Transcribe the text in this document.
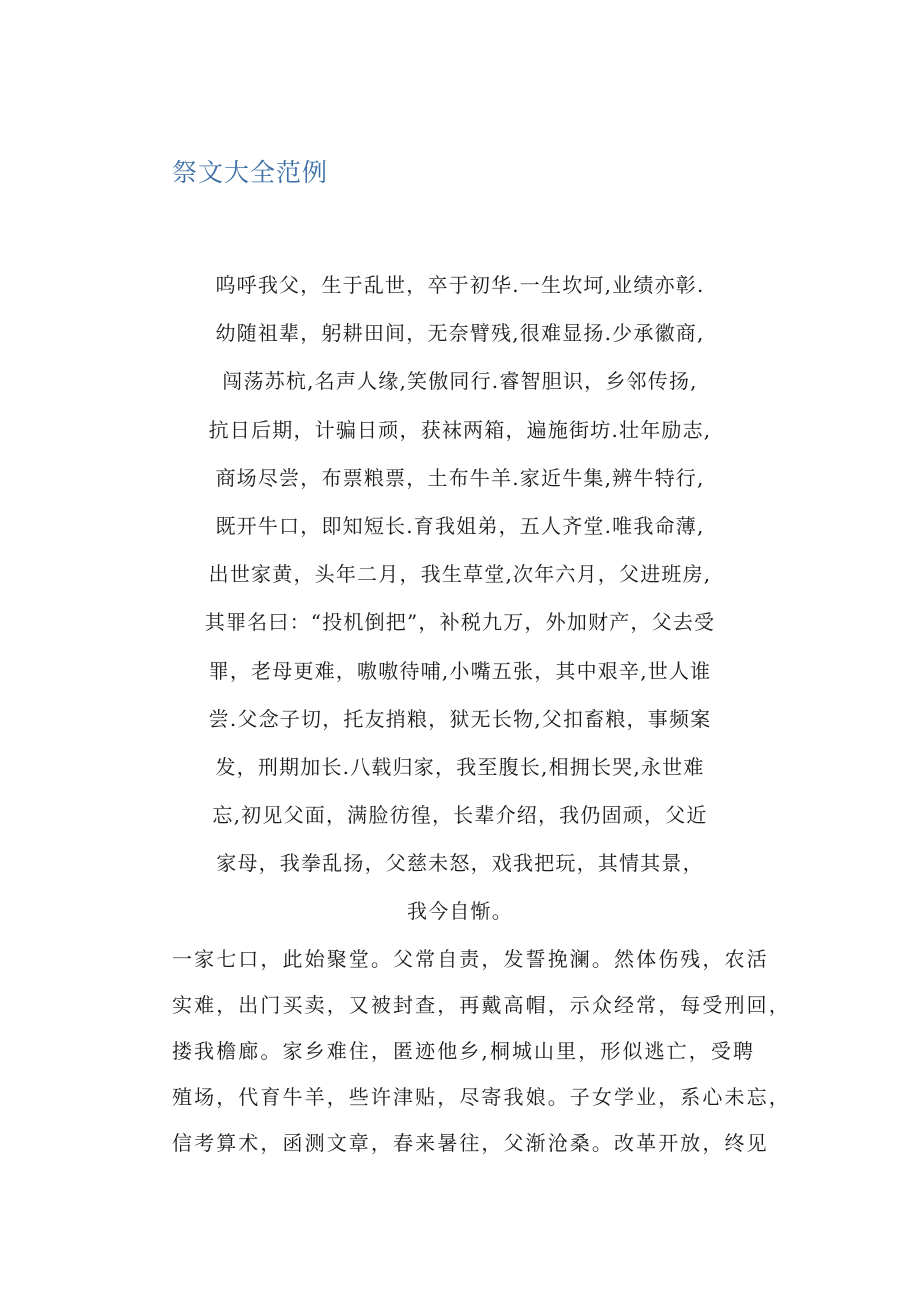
祭文大全范例
呜呼我父，生于乱世，卒于初华.一生坎坷,业绩亦彰.
幼随祖辈，躬耕田间，无奈臂残,很难显扬.少承徽商,
闯荡苏杭,名声人缘,笑傲同行.睿智胆识，乡邻传扬,
抗日后期，计骗日顽，获袜两箱，遍施街坊.壮年励志,
商场尽尝，布票粮票，土布牛羊.家近牛集,辨牛特行,
既开牛口，即知短长.育我姐弟，五人齐堂.唯我命薄,
出世家黄，头年二月，我生草堂,次年六月，父进班房,
其罪名曰：“投机倒把”，补税九万，外加财产，父去受
罪，老母更难，嗷嗷待哺,小嘴五张，其中艰辛,世人谁
尝.父念子切，托友捎粮，狱无长物,父扣畜粮，事频案
发，刑期加长.八载归家，我至腹长,相拥长哭,永世难
忘,初见父面，满脸彷徨，长辈介绍，我仍固顽，父近
家母，我拳乱扬，父慈未怒，戏我把玩，其情其景，
我今自惭。
一家七口，此始聚堂。父常自责，发誓挽澜。然体伤残，农活
实难，出门买卖，又被封查，再戴高帽，示众经常，每受刑回，
搂我檐廊。家乡难住，匿迹他乡,桐城山里，形似逃亡，受聘
殖场，代育牛羊，些许津贴，尽寄我娘。子女学业，系心未忘，
信考算术，函测文章，春来暑往，父渐沧桑。改革开放，终见
